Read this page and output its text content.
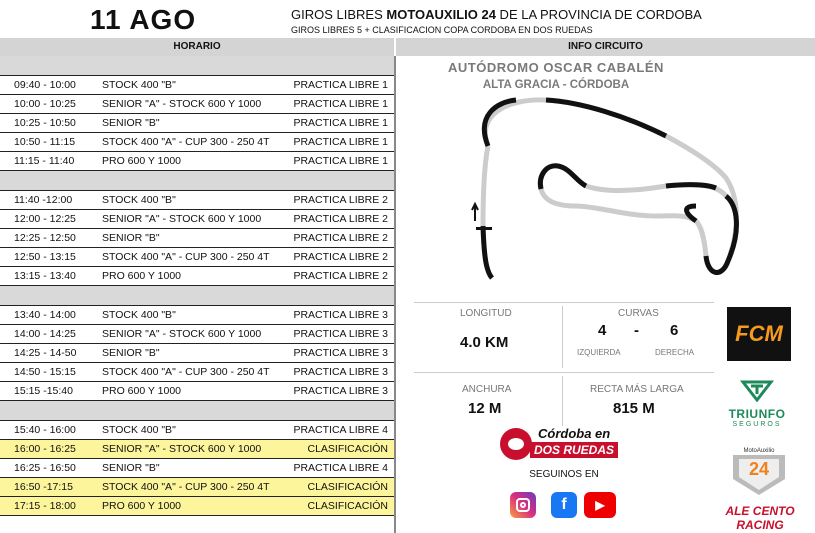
11 AGO	GIROS LIBRES MOTOAUXILIO 24 DE LA PROVINCIA DE CORDOBA
GIROS LIBRES 5 + CLASIFICACION COPA CORDOBA EN DOS RUEDAS
HORARIO	INFO CIRCUITO
09:40 - 10:00 STOCK 400 "B"	PRACTICA LIBRE 1
10:00 - 10:25 SENIOR "A" - STOCK 600 Y 1000	PRACTICA LIBRE 1
10:25 - 10:50 SENIOR "B"	PRACTICA LIBRE 1
10:50 - 11:15	STOCK 400 "A" - CUP 300 - 250 4T PRACTICA LIBRE 1
11:15 - 11:40	PRO 600 Y 1000	PRACTICA LIBRE 1
11:40 -12:00	STOCK 400 "B"	PRACTICA LIBRE 2
12:00 - 12:25 SENIOR "A" - STOCK 600 Y 1000	PRACTICA LIBRE 2
12:25 - 12:50 SENIOR "B"	PRACTICA LIBRE 2
12:50 - 13:15 STOCK 400 "A" - CUP 300 - 250 4T PRACTICA LIBRE 2
13:15 - 13:40 PRO 600 Y 1000	PRACTICA LIBRE 2
13:40 - 14:00 STOCK 400 "B"	PRACTICA LIBRE 3
14:00 - 14:25 SENIOR "A" - STOCK 600 Y 1000	PRACTICA LIBRE 3
14:25 - 14-50 SENIOR "B"	PRACTICA LIBRE 3
14:50 - 15:15 STOCK 400 "A" - CUP 300 - 250 4T PRACTICA LIBRE 3
15:15 -15:40	PRO 600 Y 1000	PRACTICA LIBRE 3
15:40 - 16:00 STOCK 400 "B"	PRACTICA LIBRE 4
16:00 - 16:25 SENIOR "A" - STOCK 600 Y 1000	CLASIFICACIÓN
16:25 - 16:50 SENIOR "B"	PRACTICA LIBRE 4
16:50 -17:15	STOCK 400 "A" - CUP 300 - 250 4T	CLASIFICACIÓN
17:15 - 18:00 PRO 600 Y 1000	CLASIFICACIÓN
AUTÓDROMO OSCAR CABALÉN
ALTA GRACIA - CÓRDOBA
LONGITUD
4.0 KM
CURVAS
4 - 6
IZQUIERDA	DERECHA
ANCHURA
12 M
RECTA MÁS LARGA
815 M
Córdoba en
DOS RUEDAS
SEGUINOS EN
f	▶
FCM
TRIUNFO
SEGUROS
MotoAuxilio
24
ALE CENTO RACING
